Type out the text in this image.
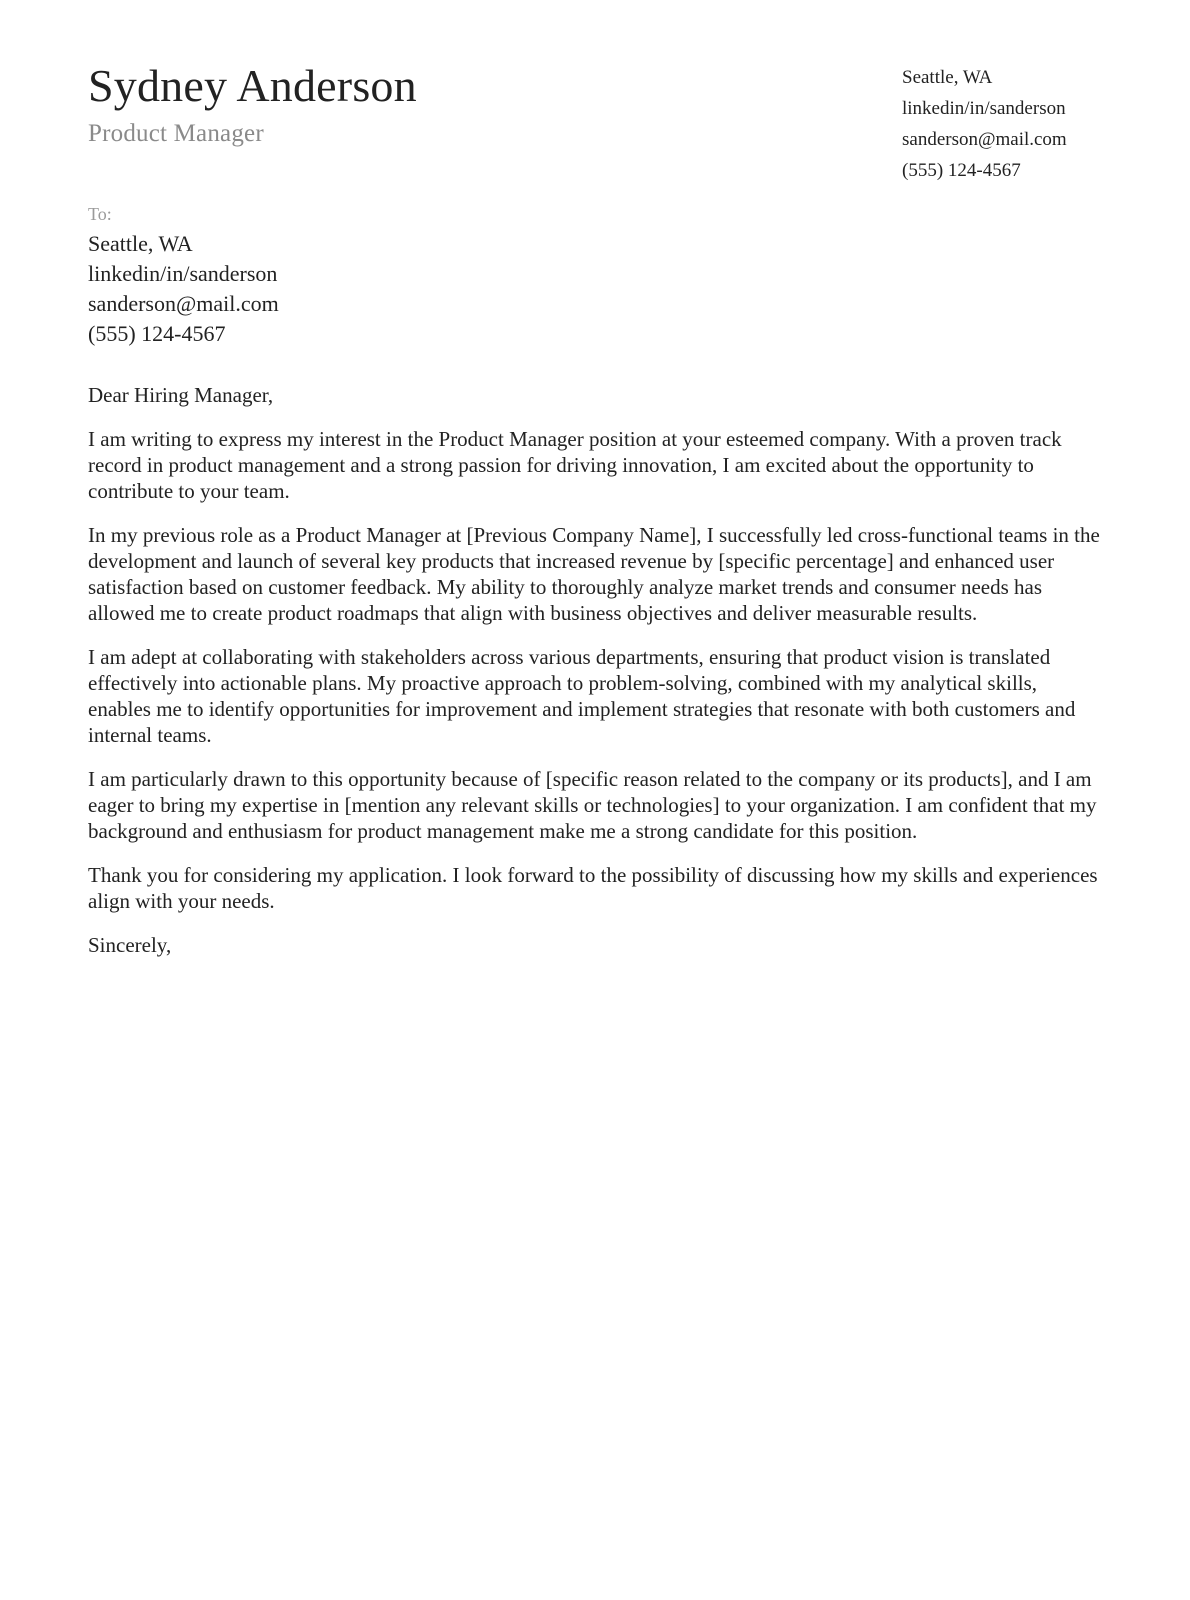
Sydney Anderson
Product Manager
Seattle, WA
linkedin/in/sanderson
sanderson@mail.com
(555) 124-4567
To:
Seattle, WA
linkedin/in/sanderson
sanderson@mail.com
(555) 124-4567

Dear Hiring Manager,

I am writing to express my interest in the Product Manager position at your esteemed company. With a proven track record in product management and a strong passion for driving innovation, I am excited about the opportunity to contribute to your team.

In my previous role as a Product Manager at [Previous Company Name], I successfully led cross-functional teams in the development and launch of several key products that increased revenue by [specific percentage] and enhanced user satisfaction based on customer feedback. My ability to thoroughly analyze market trends and consumer needs has allowed me to create product roadmaps that align with business objectives and deliver measurable results.

I am adept at collaborating with stakeholders across various departments, ensuring that product vision is translated effectively into actionable plans. My proactive approach to problem-solving, combined with my analytical skills, enables me to identify opportunities for improvement and implement strategies that resonate with both customers and internal teams.

I am particularly drawn to this opportunity because of [specific reason related to the company or its products], and I am eager to bring my expertise in [mention any relevant skills or technologies] to your organization. I am confident that my background and enthusiasm for product management make me a strong candidate for this position.

Thank you for considering my application. I look forward to the possibility of discussing how my skills and experiences align with your needs.

Sincerely,
